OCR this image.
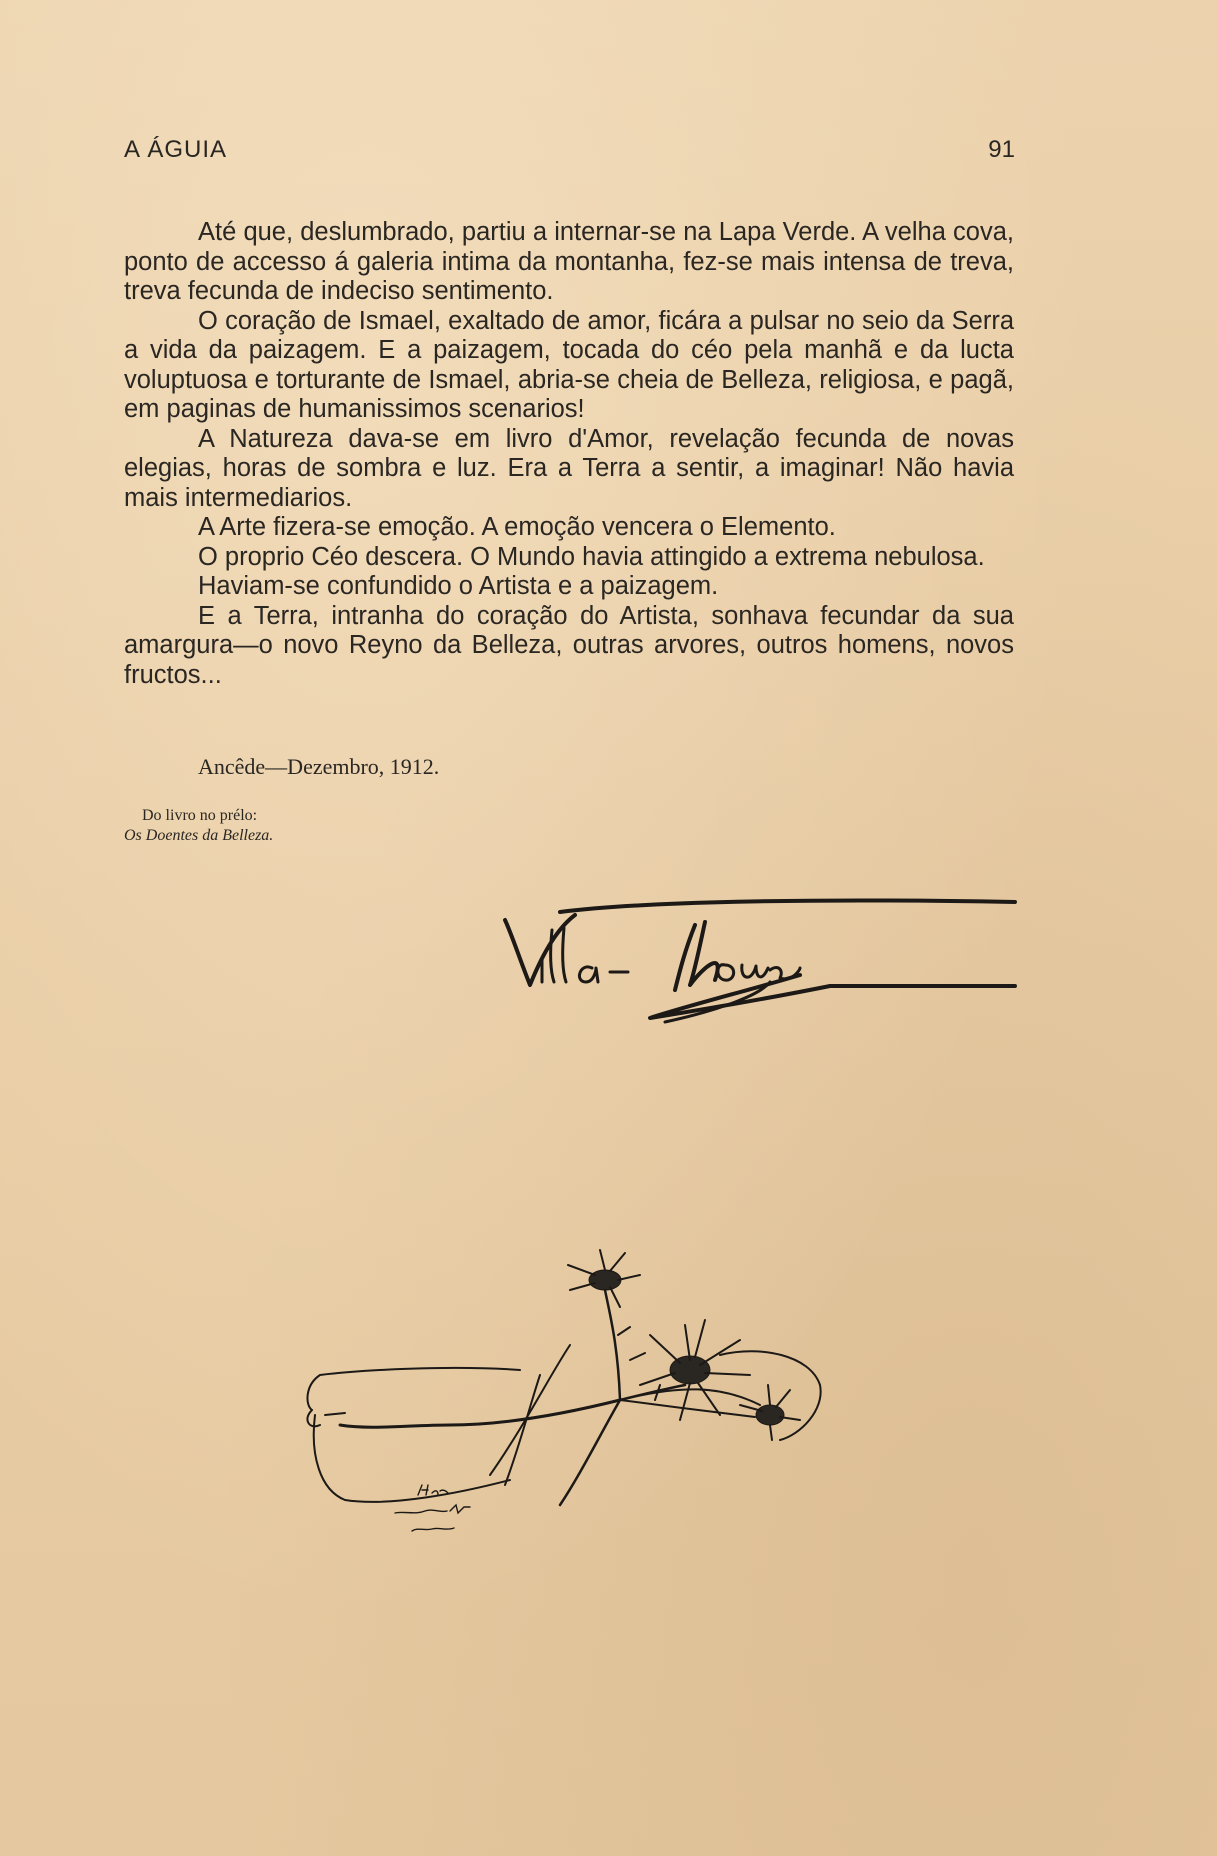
A ÁGUIA	91

Até que, deslumbrado, partiu a internar-se na Lapa Verde. A velha cova, ponto de accesso á galeria intima da montanha, fez-se mais intensa de treva, treva fecunda de indeciso sentimento.

O coração de Ismael, exaltado de amor, ficára a pulsar no seio da Serra a vida da paizagem. E a paizagem, tocada do céo pela manhã e da lucta voluptuosa e torturante de Ismael, abria-se cheia de Belleza, religiosa, e pagã, em paginas de humanissimos scenarios!

A Natureza dava-se em livro d'Amor, revelação fecunda de novas elegias, horas de sombra e luz. Era a Terra a sentir, a imaginar! Não havia mais intermediarios.

A Arte fizera-se emoção. A emoção vencera o Elemento.

O proprio Céo descera. O Mundo havia attingido a extrema nebulosa.

Haviam-se confundido o Artista e a paizagem.

E a Terra, intranha do coração do Artista, sonhava fecundar da sua amargura—o novo Reyno da Belleza, outras arvores, outros homens, novos fructos...

Ancêde—Dezembro, 1912.
Do livro no prélo:
Os Doentes da Belleza.
